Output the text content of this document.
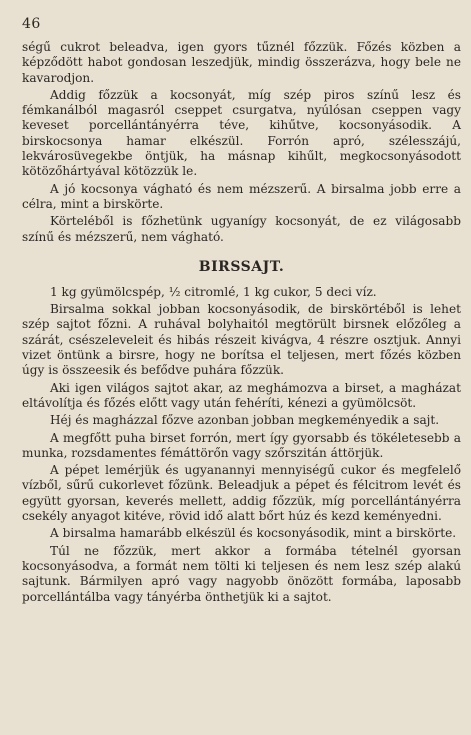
46

ségű cukrot beleadva, igen gyors tűznél főzzük. Főzés közben a képződött habot gondosan leszedjük, mindig összerázva, hogy bele ne kavarodjon.

Addig főzzük a kocsonyát, míg szép piros színű lesz és fémkanálból magasról cseppet csurgatva, nyúlósan cseppen vagy keveset porcellántányérra téve, kihűtve, kocsonyásodik. A birskocsonya hamar elkészül. Forrón apró, szélesszájú, lekvárosüvegekbe öntjük, ha másnap kihűlt, megkocsonyásodott kötözőhártyával kötözzük le.

A jó kocsonya vágható és nem mézszerű. A birsalma jobb erre a célra, mint a birskörte.

Körteléből is főzhetünk ugyanígy kocsonyát, de ez világosabb színű és mézszerű, nem vágható.

BIRSSAJT.

1 kg gyümölcspép, ½ citromlé, 1 kg cukor, 5 deci víz.

Birsalma sokkal jobban kocsonyásodik, de birskörtéből is lehet szép sajtot főzni. A ruhával bolyhaitól megtörült birsnek előzőleg a szárát, csészeleveleit és hibás részeit kivágva, 4 részre osztjuk. Annyi vizet öntünk a birsre, hogy ne borítsa el teljesen, mert főzés közben úgy is összeesik és befődve puhára főzzük.

Aki igen világos sajtot akar, az meghámozva a birset, a magházat eltávolítja és főzés előtt vagy után fehéríti, kénezi a gyümölcsöt.

Héj és magházzal főzve azonban jobban megkeményedik a sajt.

A megfőtt puha birset forrón, mert így gyorsabb és tökéletesebb a munka, rozsdamentes fémáttörőn vagy szőrszitán áttörjük.

A pépet lemérjük és ugyanannyi mennyiségű cukor és megfelelő vízből, sűrű cukorlevet főzünk. Beleadjuk a pépet és félcitrom levét és együtt gyorsan, keverés mellett, addig főzzük, míg porcellántányérra csekély anyagot kitéve, rövid idő alatt bőrt húz és kezd keményedni.

A birsalma hamarább elkészül és kocsonyásodik, mint a birskörte.

Túl ne főzzük, mert akkor a formába tételnél gyorsan kocsonyásodva, a formát nem tölti ki teljesen és nem lesz szép alakú sajtunk. Bármilyen apró vagy nagyobb önözött formába, laposabb porcellántálba vagy tányérba önthetjük ki a sajtot.
